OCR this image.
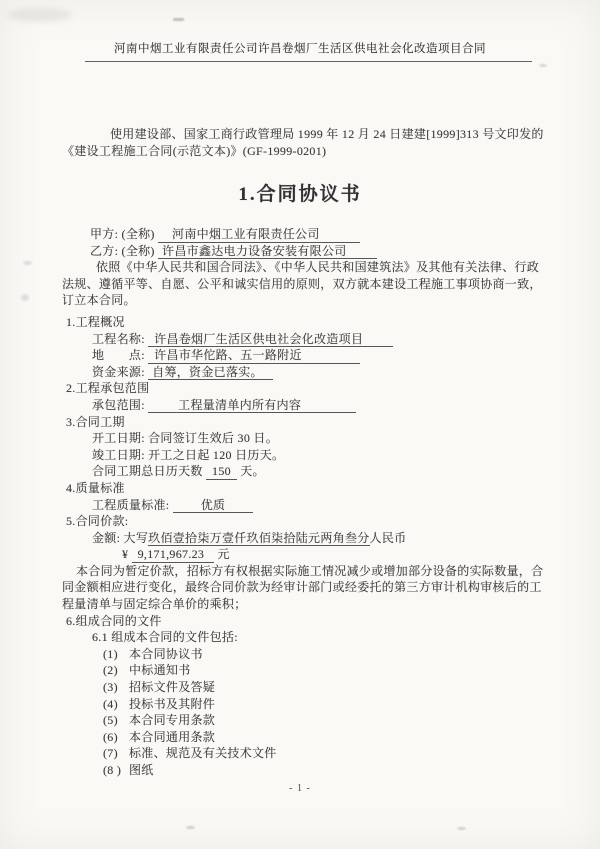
河南中烟工业有限责任公司许昌卷烟厂生活区供电社会化改造项目合同

使用建设部、国家工商行政管理局 1999 年 12 月 24 日建建[1999]313 号文印发的《建设工程施工合同(示范文本)》(GF-1999-0201)

1.合同协议书
甲方: (全称) 河南中烟工业有限责任公司
乙方: (全称) 许昌市鑫达电力设备安装有限公司

依照《中华人民共和国合同法》、《中华人民共和国建筑法》及其他有关法律、行政法规、遵循平等、自愿、公平和诚实信用的原则，双方就本建设工程施工事项协商一致，订立本合同。

1.工程概况
工程名称: 许昌卷烟厂生活区供电社会化改造项目
地　　点: 许昌市华佗路、五一路附近
资金来源: 自筹，资金已落实。
2.工程承包范围
承包范围:	工程量清单内所有内容
3.合同工期
开工日期: 合同签订生效后 30 日。
竣工日期: 开工之日起 120 日历天。
合同工期总日历天数 150 天。
4.质量标准
工程质量标准:	优质
5.合同价款:
金额: 大写玖佰壹拾柒万壹仟玖佰柒拾陆元两角叁分人民币
¥ 9,171,967.23 元

本合同为暂定价款，招标方有权根据实际施工情况减少或增加部分设备的实际数量，合同金额相应进行变化，最终合同价款为经审计部门或经委托的第三方审计机构审核后的工程量清单与固定综合单价的乘积；

6.组成合同的文件
6.1 组成本合同的文件包括:
(1) 本合同协议书
(2) 中标通知书
(3) 招标文件及答疑
(4) 投标书及其附件
(5) 本合同专用条款
(6) 本合同通用条款
(7) 标准、规范及有关技术文件
(8 ) 图纸
- 1 -
